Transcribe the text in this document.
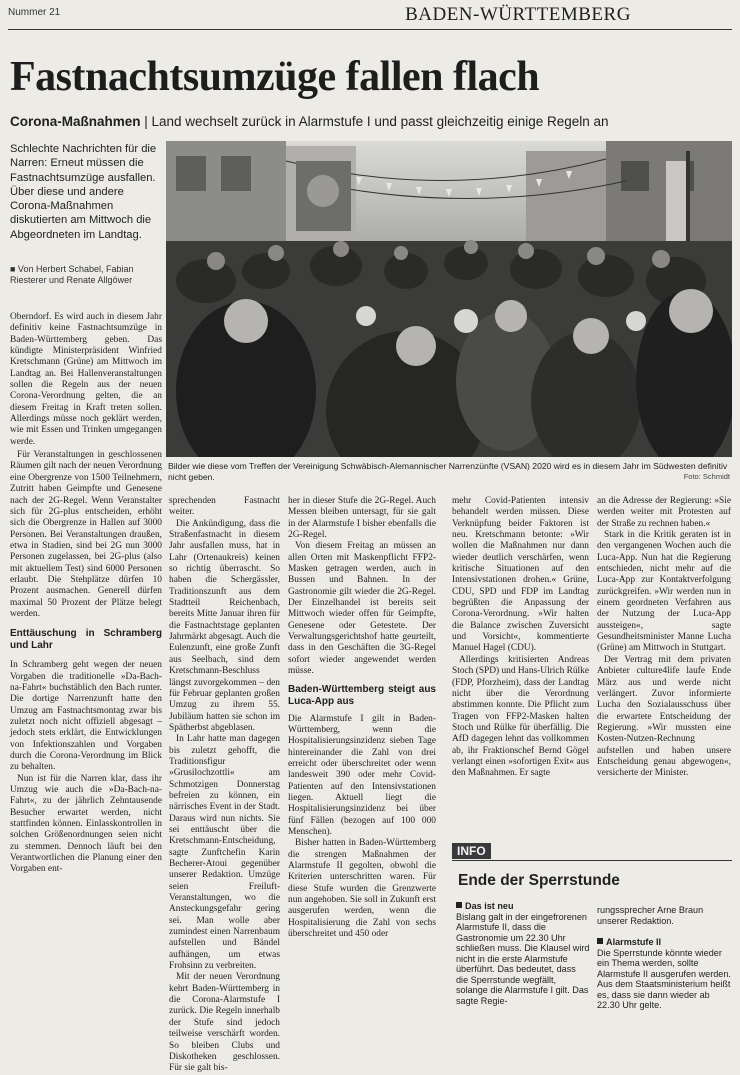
Nummer 21	BADEN-WÜRTTEMBERG
Fastnachtsumzüge fallen flach
Corona-Maßnahmen | Land wechselt zurück in Alarmstufe I und passt gleichzeitig einige Regeln an
Schlechte Nachrichten für die Narren: Erneut müssen die Fastnachtsumzüge ausfallen. Über diese und andere Corona-Maßnahmen diskutierten am Mittwoch die Abgeordneten im Landtag.
■ Von Herbert Schabel, Fabian Riesterer und Renate Allgöwer

Oberndorf. Es wird auch in diesem Jahr definitiv keine Fastnachtsumzüge in Baden-Württemberg geben. Das kündigte Ministerpräsident Winfried Kretschmann (Grüne) am Mittwoch im Landtag an. Bei Hallenveranstaltungen sollen die Regeln aus der neuen Corona-Verordnung gelten, die an diesem Freitag in Kraft treten sollen. Allerdings müsse noch geklärt werden, wie mit Essen und Trinken umgegangen werde.

Für Veranstaltungen in geschlossenen Räumen gilt nach der neuen Verordnung eine Obergrenze von 1500 Teilnehmern, Zutritt haben Geimpfte und Genesene nach der 2G-Regel. Wenn Veranstalter sich für 2G-plus entscheiden, erhöht sich die Obergrenze in Hallen auf 3000 Personen. Bei Veranstaltungen draußen, etwa in Stadien, sind bei 2G nun 3000 Personen zugelassen, bei 2G-plus (also mit aktuellem Test) sind 6000 Personen erlaubt. Die Stehplätze dürfen 10 Prozent ausmachen. Generell dürfen maximal 50 Prozent der Plätze belegt werden.

Enttäuschung in Schramberg und Lahr

In Schramberg geht wegen der neuen Vorgaben die traditionelle »Da-Bach-na-Fahrt« buchstäblich den Bach runter. Die dortige Narrenzunft hatte den Umzug am Fastnachtsmontag zwar bis zuletzt noch nicht offiziell abgesagt – jedoch stets erklärt, die Entwicklungen von Infektionszahlen und Vorgaben durch die Corona-Verordnung im Blick zu behalten.

Nun ist für die Narren klar, dass ihr Umzug wie auch die »Da-Bach-na-Fahrt«, zu der jährlich Zehntausende Besucher erwartet werden, nicht stattfinden können. Einlasskontrollen in solchen Größenordnungen seien nicht zu stemmen. Dennoch läuft bei den Verantwortlichen die Planung einer den Vorgaben ent-

Bilder wie diese vom Treffen der Vereinigung Schwäbisch-Alemannischer Narrenzünfte (VSAN) 2020 wird es in diesem Jahr im Südwesten definitiv nicht geben.	Foto: Schmidt

sprechenden Fastnacht weiter.

Die Ankündigung, dass die Straßenfastnacht in diesem Jahr ausfallen muss, hat in Lahr (Ortenaukreis) keinen so richtig überrascht. So haben die Schergässler, Traditionszunft aus dem Stadtteil Reichenbach, bereits Mitte Januar ihren für die Fastnachtstage geplanten Jahrmärkt abgesagt. Auch die Eulenzunft, eine große Zunft aus Seelbach, sind dem Kretschmann-Beschluss längst zuvorgekommen – den für Februar geplanten großen Umzug zu ihrem 55. Jubiläum hatten sie schon im Spätherbst abgeblasen.

In Lahr hatte man dagegen bis zuletzt gehofft, die Traditionsfigur »Grusilochzottli« am Schmotzigen Donnerstag befreien zu können, ein närrisches Event in der Stadt. Daraus wird nun nichts. Sie sei enttäuscht über die Kretschmann-Entscheidung, sagte Zunftchefin Karin Becherer-Atoui gegenüber unserer Redaktion. Umzüge seien Freiluft-Veranstaltungen, wo die Ansteckungsgefahr gering sei. Man wolle aber zumindest einen Narrenbaum aufstellen und Bändel aufhängen, um etwas Frohsinn zu verbreiten.

Mit der neuen Verordnung kehrt Baden-Württemberg in die Corona-Alarmstufe I zurück. Die Regeln innerhalb der Stufe sind jedoch teilweise verschärft worden. So bleiben Clubs und Diskotheken geschlossen. Für sie galt bis-

her in dieser Stufe die 2G-Regel. Auch Messen bleiben untersagt, für sie galt in der Alarmstufe I bisher ebenfalls die 2G-Regel.

Von diesem Freitag an müssen an allen Orten mit Maskenpflicht FFP2-Masken getragen werden, auch in Bussen und Bahnen. In der Gastronomie gilt wieder die 2G-Regel. Der Einzelhandel ist bereits seit Mittwoch wieder offen für Geimpfte, Genesene oder Getestete. Der Verwaltungsgerichtshof hatte geurteilt, dass in den Geschäften die 3G-Regel sofort wieder angewendet werden müsse.

Baden-Württemberg steigt aus Luca-App aus

Die Alarmstufe I gilt in Baden-Württemberg, wenn die Hospitalisierungsinzidenz sieben Tage hintereinander die Zahl von drei erreicht oder überschreitet oder wenn landesweit 390 oder mehr Covid-Patienten auf den Intensivstationen liegen. Aktuell liegt die Hospitalisierungsinzidenz bei über fünf Fällen (bezogen auf 100 000 Menschen).

Bisher hatten in Baden-Württemberg die strengen Maßnahmen der Alarmstufe II gegolten, obwohl die Kriterien unterschritten waren. Für diese Stufe wurden die Grenzwerte nun angehoben. Sie soll in Zukunft erst ausgerufen werden, wenn die Hospitalisierung die Zahl von sechs überschreitet und 450 oder

mehr Covid-Patienten intensiv behandelt werden müssen. Diese Verknüpfung beider Faktoren ist neu. Kretschmann betonte: »Wir wollen die Maßnahmen nur dann wieder deutlich verschärfen, wenn kritische Situationen auf den Intensivstationen drohen.« Grüne, CDU, SPD und FDP im Landtag begrüßten die Anpassung der Corona-Verordnung. »Wir halten die Balance zwischen Zuversicht und Vorsicht«, kommentierte Manuel Hagel (CDU).

Allerdings kritisierten Andreas Stoch (SPD) und Hans-Ulrich Rülke (FDP, Pforzheim), dass der Landtag nicht über die Verordnung abstimmen konnte. Die Pflicht zum Tragen von FFP2-Masken halten Stoch und Rülke für überfällig. Die AfD dagegen lehnt das vollkommen ab, ihr Fraktionschef Bernd Gögel verlangt einen »sofortigen Exit« aus den Maßnahmen. Er sagte

an die Adresse der Regierung: »Sie werden weiter mit Protesten auf der Straße zu rechnen haben.«

Stark in die Kritik geraten ist in den vergangenen Wochen auch die Luca-App. Nun hat die Regierung entschieden, nicht mehr auf die Luca-App zur Kontaktverfolgung zurückgreifen. »Wir werden nun in einem geordneten Verfahren aus der Nutzung der Luca-App aussteigen«, sagte Gesundheitsminister Manne Lucha (Grüne) am Mittwoch in Stuttgart.

Der Vertrag mit dem privaten Anbieter culture4life laufe Ende März aus und werde nicht verlängert. Zuvor informierte Lucha den Sozialausschuss über die erwartete Entscheidung der Regierung. »Wir mussten eine Kosten-Nutzen-Rechnung aufstellen und haben unsere Entscheidung genau abgewogen«, versicherte der Minister.

INFO
Ende der Sperrstunde
Das ist neu
Bislang galt in der eingefrorenen Alarmstufe II, dass die Gastronomie um 22.30 Uhr schließen muss. Die Klausel wird nicht in die erste Alarmstufe überführt. Das bedeutet, dass die Sperrstunde wegfällt, solange die Alarmstufe I gilt. Das sagte Regie-
rungssprecher Arne Braun unserer Redaktion.
Alarmstufe II
Die Sperrstunde könnte wieder ein Thema werden, sollte Alarmstufe II ausgerufen werden. Aus dem Staatsministerium heißt es, dass sie dann wieder ab 22.30 Uhr gelte.
